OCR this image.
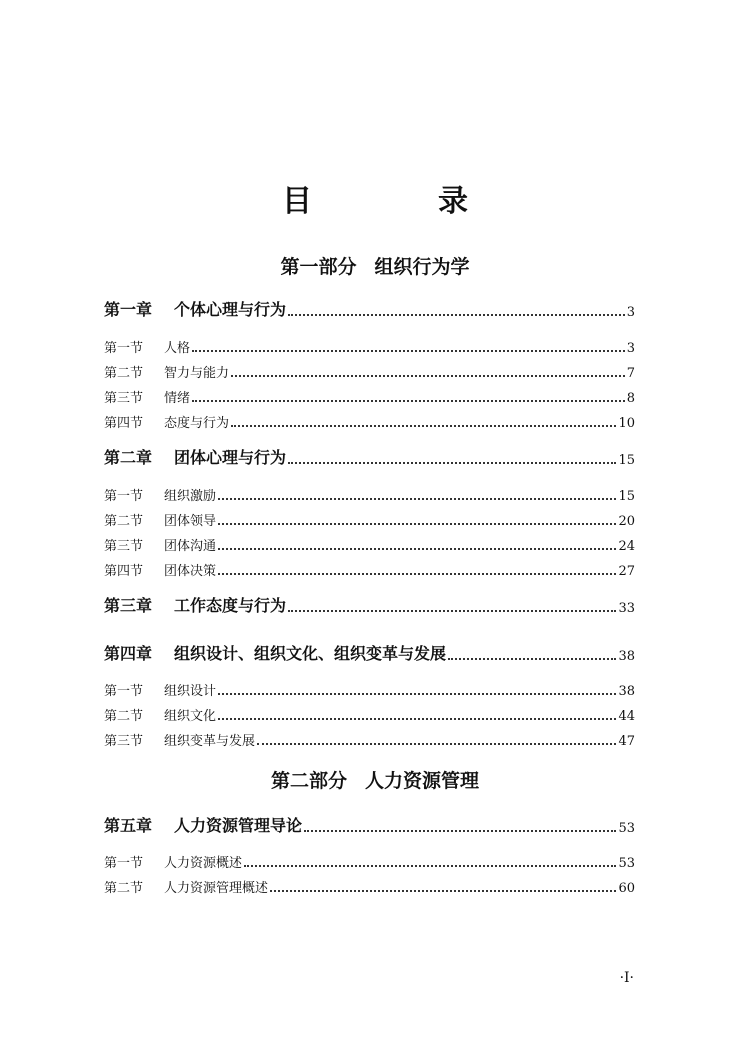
目　录
第一部分 组织行为学
第一章	个体心理与行为	3
第一节	人格	3
第二节	智力与能力	7
第三节	情绪	8
第四节	态度与行为	10
第二章	团体心理与行为	15
第一节	组织激励	15
第二节	团体领导	20
第三节	团体沟通	24
第四节	团体决策	27
第三章	工作态度与行为	33
第四章	组织设计、组织文化、组织变革与发展	38
第一节	组织设计	38
第二节	组织文化	44
第三节	组织变革与发展	47
第二部分 人力资源管理
第五章	人力资源管理导论	53
第一节	人力资源概述	53
第二节	人力资源管理概述	60
·Ⅰ·
